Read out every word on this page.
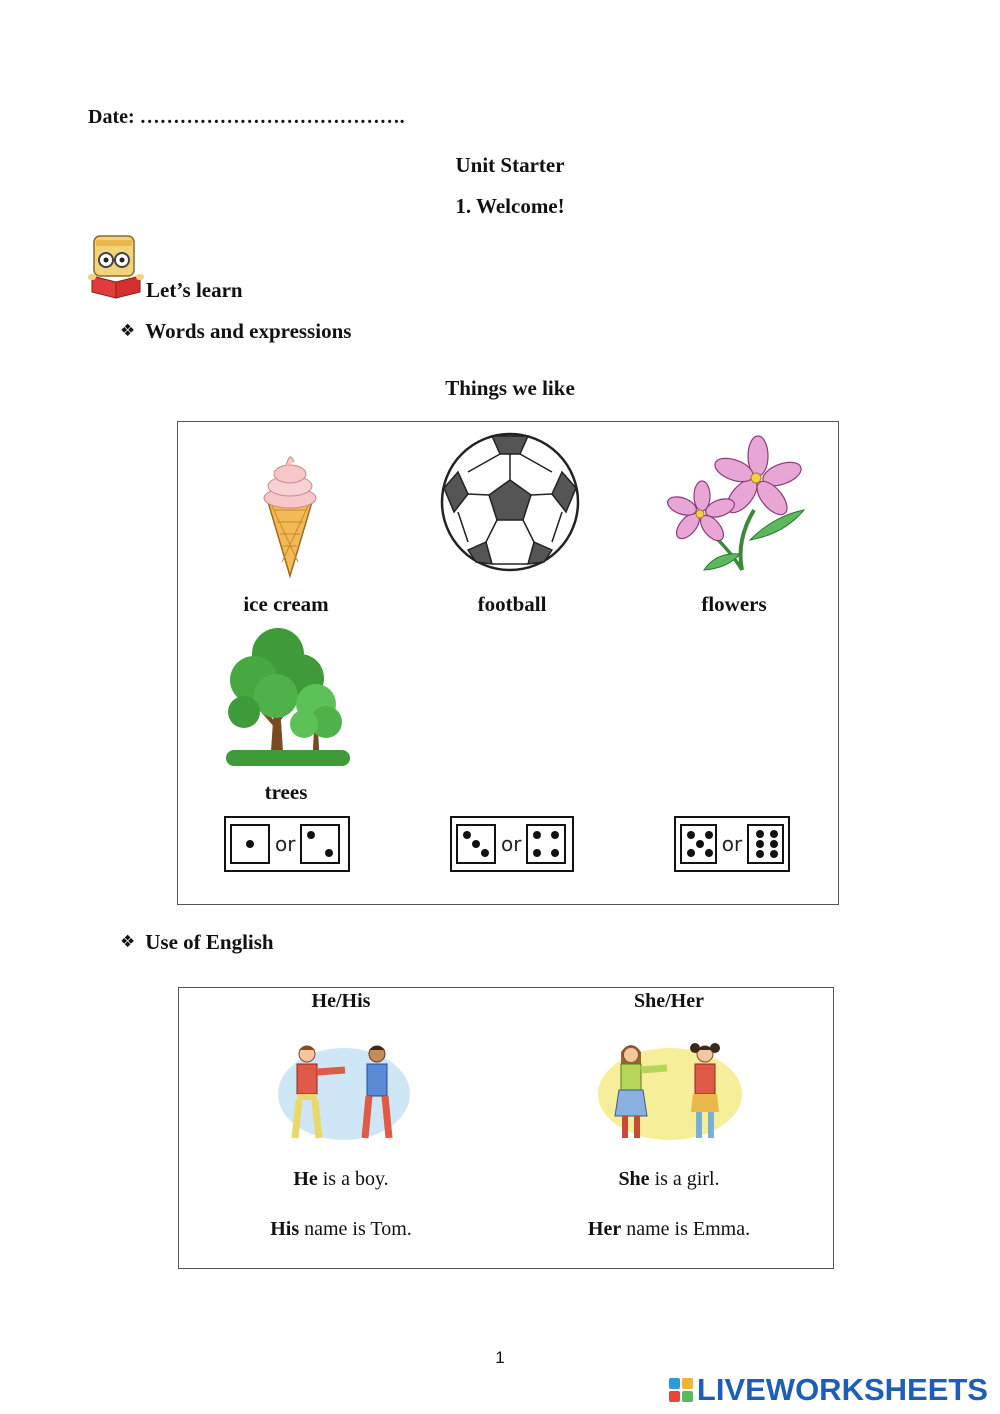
Date: ………………………………….
Unit Starter
1. Welcome!
Let’s learn
❖ Words and expressions
Things we like
ice cream	football	flowers
trees
or	or	or
❖ Use of English
He/His	She/Her
He is a boy.
His name is Tom.
She is a girl.
Her name is Emma.
1
LIVEWORKSHEETS
